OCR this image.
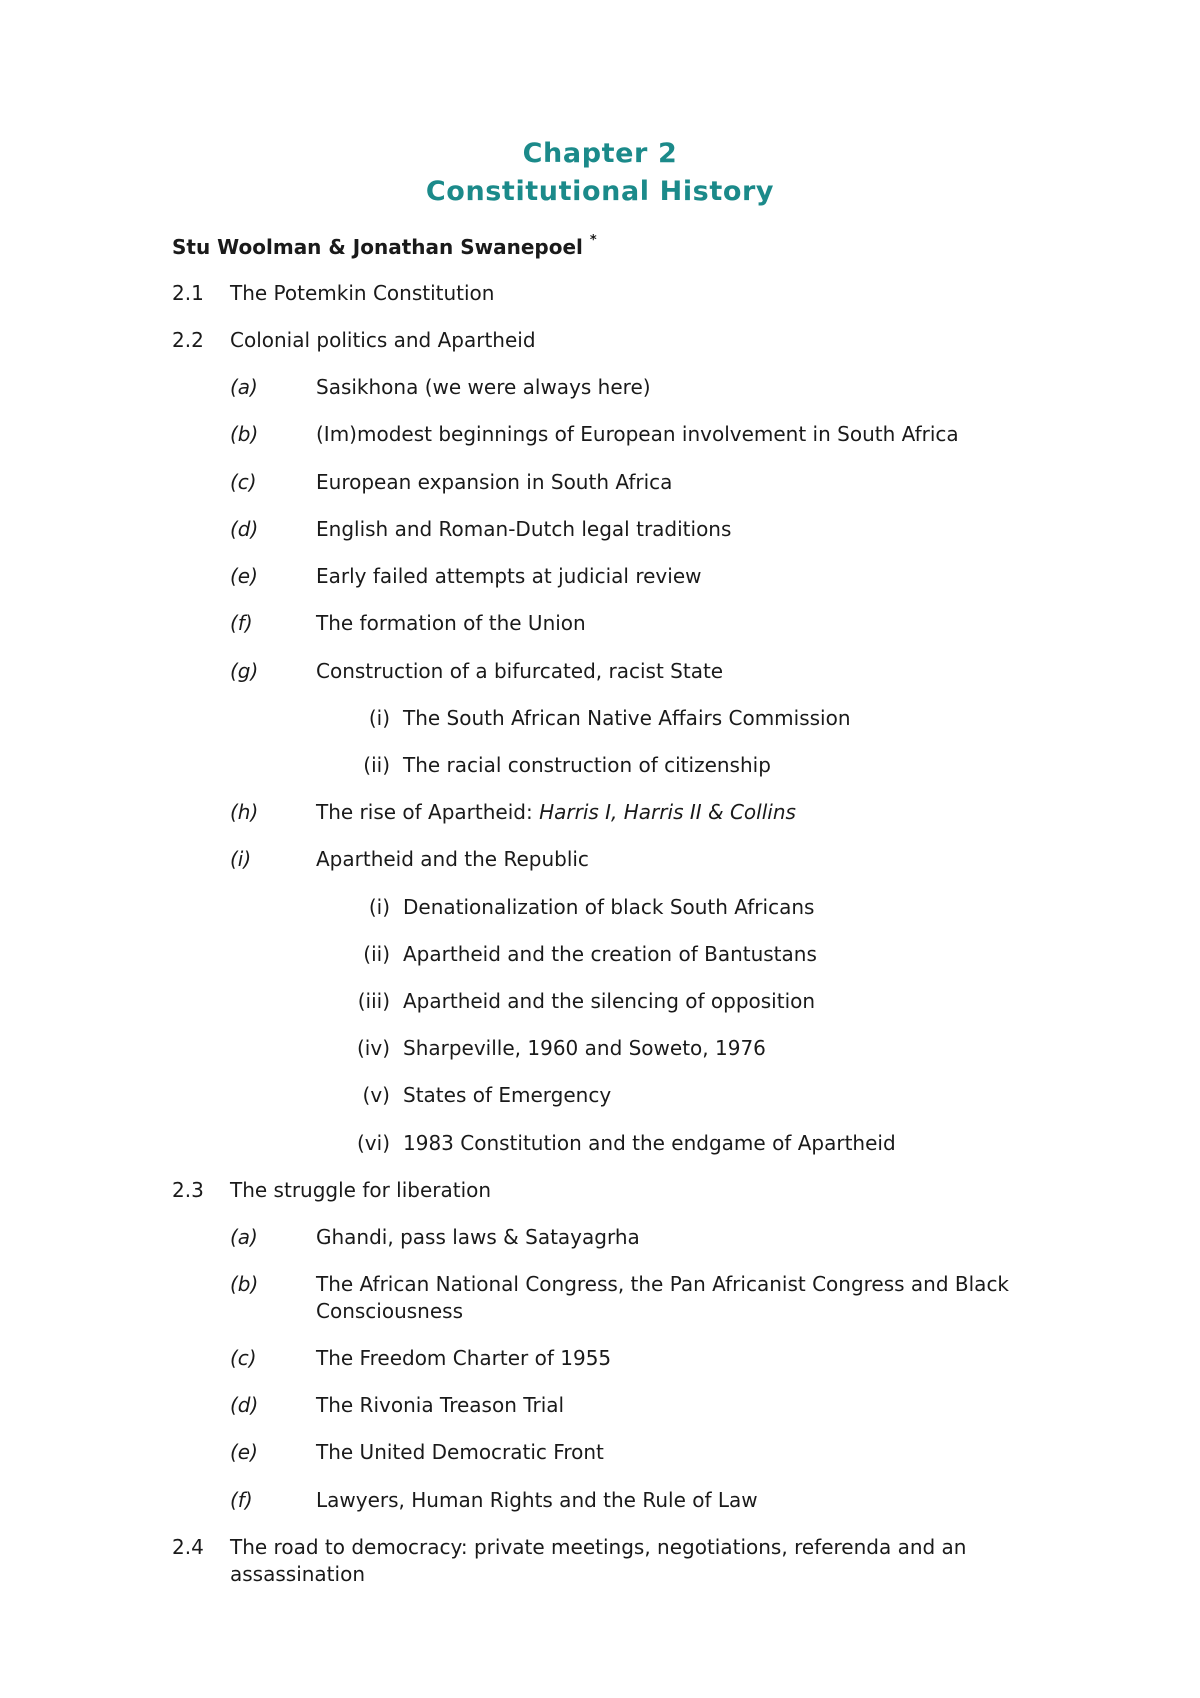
Chapter 2
Constitutional History
Stu Woolman & Jonathan Swanepoel *
2.1 The Potemkin Constitution
2.2 Colonial politics and Apartheid
(a)	Sasikhona (we were always here)
(b)	(Im)modest beginnings of European involvement in South Africa
(c)	European expansion in South Africa
(d)	English and Roman-Dutch legal traditions
(e)	Early failed attempts at judicial review
(f)	The formation of the Union
(g)	Construction of a bifurcated, racist State
(i) The South African Native Affairs Commission
(ii) The racial construction of citizenship
(h)	The rise of Apartheid: Harris I, Harris II & Collins
(i)	Apartheid and the Republic
(i) Denationalization of black South Africans
(ii) Apartheid and the creation of Bantustans
(iii) Apartheid and the silencing of opposition
(iv) Sharpeville, 1960 and Soweto, 1976
(v) States of Emergency
(vi) 1983 Constitution and the endgame of Apartheid
2.3 The struggle for liberation
(a)	Ghandi, pass laws & Satayagrha
(b)	The African National Congress, the Pan Africanist Congress and Black
Consciousness
(c)	The Freedom Charter of 1955
(d)	The Rivonia Treason Trial
(e)	The United Democratic Front
(f)	Lawyers, Human Rights and the Rule of Law
2.4 The road to democracy: private meetings, negotiations, referenda and an
assassination
